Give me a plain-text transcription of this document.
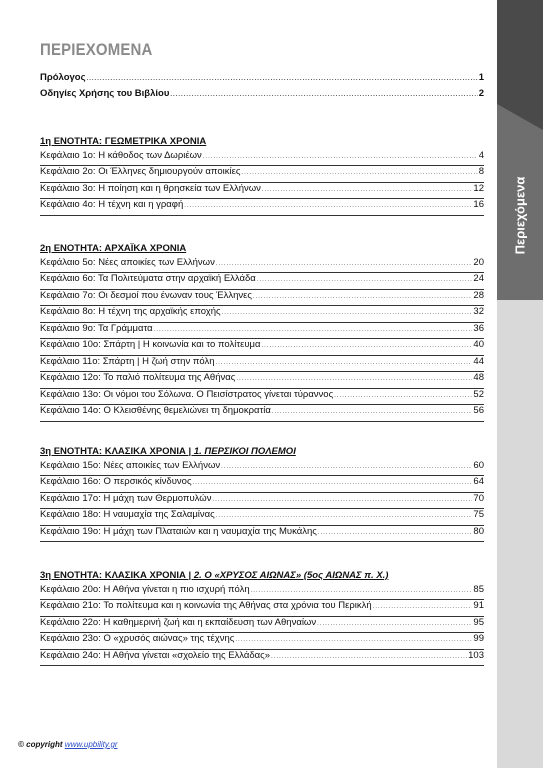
ΠΕΡΙΕΧΟΜΕΝΑ
Πρόλογος .....	1
Οδηγίες Χρήσης του Βιβλίου .....	2
1η ΕΝΟΤΗΤΑ: ΓΕΩΜΕΤΡΙΚΑ ΧΡΟΝΙΑ
Κεφάλαιο 1ο: Η κάθοδος των Δωριέων .....	4
Κεφάλαιο 2ο: Οι Έλληνες δημιουργούν αποικίες .....	8
Κεφάλαιο 3ο: Η ποίηση και η θρησκεία των Ελλήνων .....	12
Κεφάλαιο 4ο: Η τέχνη και η γραφή .....	16
2η ΕΝΟΤΗΤΑ: ΑΡΧΑΪΚΑ ΧΡΟΝΙΑ
Κεφάλαιο 5ο: Νέες αποικίες των Ελλήνων .....	20
Κεφάλαιο 6ο: Τα Πολιτεύματα στην αρχαϊκή Ελλάδα .....	24
Κεφάλαιο 7ο: Οι δεσμοί που ένωναν τους Έλληνες .....	28
Κεφάλαιο 8ο: Η τέχνη της αρχαϊκής εποχής .....	32
Κεφάλαιο 9ο: Τα Γράμματα .....	36
Κεφάλαιο 10ο: Σπάρτη | Η κοινωνία και το πολίτευμα .....	40
Κεφάλαιο 11ο: Σπάρτη | Η ζωή στην πόλη .....	44
Κεφάλαιο 12ο: Το παλιό πολίτευμα της Αθήνας .....	48
Κεφάλαιο 13ο: Οι νόμοι του Σόλωνα. Ο Πεισίστρατος γίνεται τύραννος .....	52
Κεφάλαιο 14ο: Ο Κλεισθένης θεμελιώνει τη δημοκρατία .....	56
3η ΕΝΟΤΗΤΑ: ΚΛΑΣΙΚΑ ΧΡΟΝΙΑ | 1. ΠΕΡΣΙΚΟΙ ΠΟΛΕΜΟΙ
Κεφάλαιο 15ο: Νέες αποικίες των Ελλήνων .....	60
Κεφάλαιο 16ο: Ο περσικός κίνδυνος .....	64
Κεφάλαιο 17ο: Η μάχη των Θερμοπυλών .....	70
Κεφάλαιο 18ο: Η ναυμαχία της Σαλαμίνας .....	75
Κεφάλαιο 19ο: Η μάχη των Πλαταιών και η ναυμαχία της Μυκάλης .....	80
3η ΕΝΟΤΗΤΑ: ΚΛΑΣΙΚΑ ΧΡΟΝΙΑ | 2. Ο «ΧΡΥΣΟΣ ΑΙΩΝΑΣ» (5ος ΑΙΩΝΑΣ π. Χ.)
Κεφάλαιο 20ο: Η Αθήνα γίνεται η πιο ισχυρή πόλη .....	85
Κεφάλαιο 21ο: Το πολίτευμα και η κοινωνία της Αθήνας στα χρόνια του Περικλή .....	91
Κεφάλαιο 22ο: Η καθημερινή ζωή και η εκπαίδευση των Αθηναίων .....	95
Κεφάλαιο 23ο: Ο «χρυσός αιώνας» της τέχνης .....	99
Κεφάλαιο 24ο: Η Αθήνα γίνεται «σχολείο της Ελλάδας» .....	103
Περιεχόμενα
© copyright www.upbility.gr
